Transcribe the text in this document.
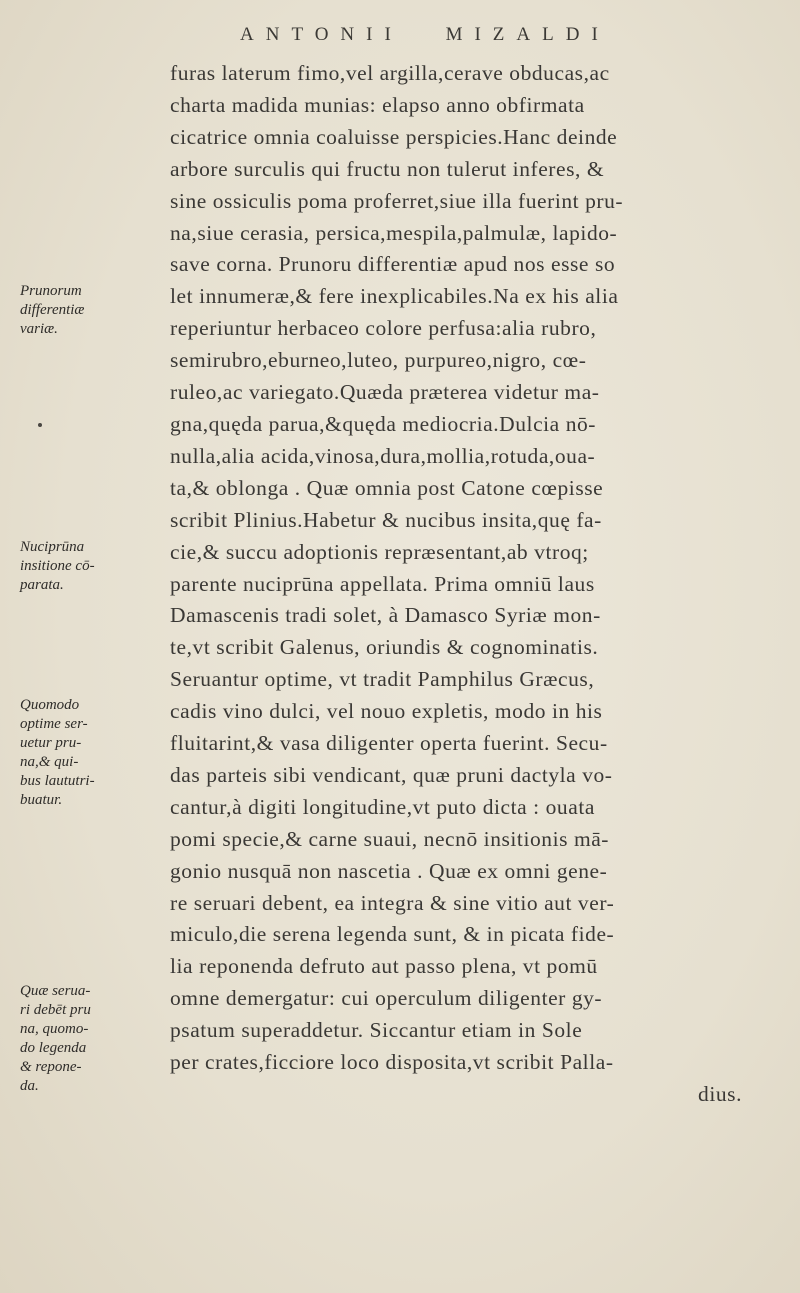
ANTONII MIZALDI
furas laterum fimo,vel argilla,cerave obducas,ac
charta madida munias: elapso anno obfirmata
cicatrice omnia coaluisse perspicies.Hanc deinde
arbore surculis qui fructu non tulerut inferes, &
sine ossiculis poma proferret,siue illa fuerint pru-
na,siue cerasia, persica,mespila,palmulæ, lapido-
save corna. Prunoru differentiæ apud nos esse so
let innumeræ,& fere inexplicabiles.Na ex his alia
reperiuntur herbaceo colore perfusa:alia rubro,
semirubro,eburneo,luteo, purpureo,nigro, cœ-
ruleo,ac variegato.Quæda præterea videtur ma-
gna,quęda parua,&quęda mediocria.Dulcia nō-
nulla,alia acida,vinosa,dura,mollia,rotuda,oua-
ta,& oblonga . Quæ omnia post Catone cœpisse
scribit Plinius.Habetur & nucibus insita,quę fa-
cie,& succu adoptionis repræsentant,ab vtroq;
parente nuciprūna appellata. Prima omniū laus
Damascenis tradi solet, à Damasco Syriæ mon-
te,vt scribit Galenus, oriundis & cognominatis.
Seruantur optime, vt tradit Pamphilus Græcus,
cadis vino dulci, vel nouo expletis, modo in his
fluitarint,& vasa diligenter operta fuerint. Secu-
das parteis sibi vendicant, quæ pruni dactyla vo-
cantur,à digiti longitudine,vt puto dicta : ouata
pomi specie,& carne suaui, necnō insitionis mā-
gonio nusquā non nascetia . Quæ ex omni gene-
re seruari debent, ea integra & sine vitio aut ver-
miculo,die serena legenda sunt, & in picata fide-
lia reponenda defruto aut passo plena, vt pomū
omne demergatur: cui operculum diligenter gy-
psatum superaddetur. Siccantur etiam in Sole
per crates,ficciore loco disposita,vt scribit Palla-
dius.
Prunorum
differentiæ
variæ.
Nuciprūna
insitione cō-
parata.
Quomodo
optime ser-
uetur pru-
na,& qui-
bus laututri-
buatur.
Quæ serua-
ri debēt pru
na, quomo-
do legenda
& repone-
da.
